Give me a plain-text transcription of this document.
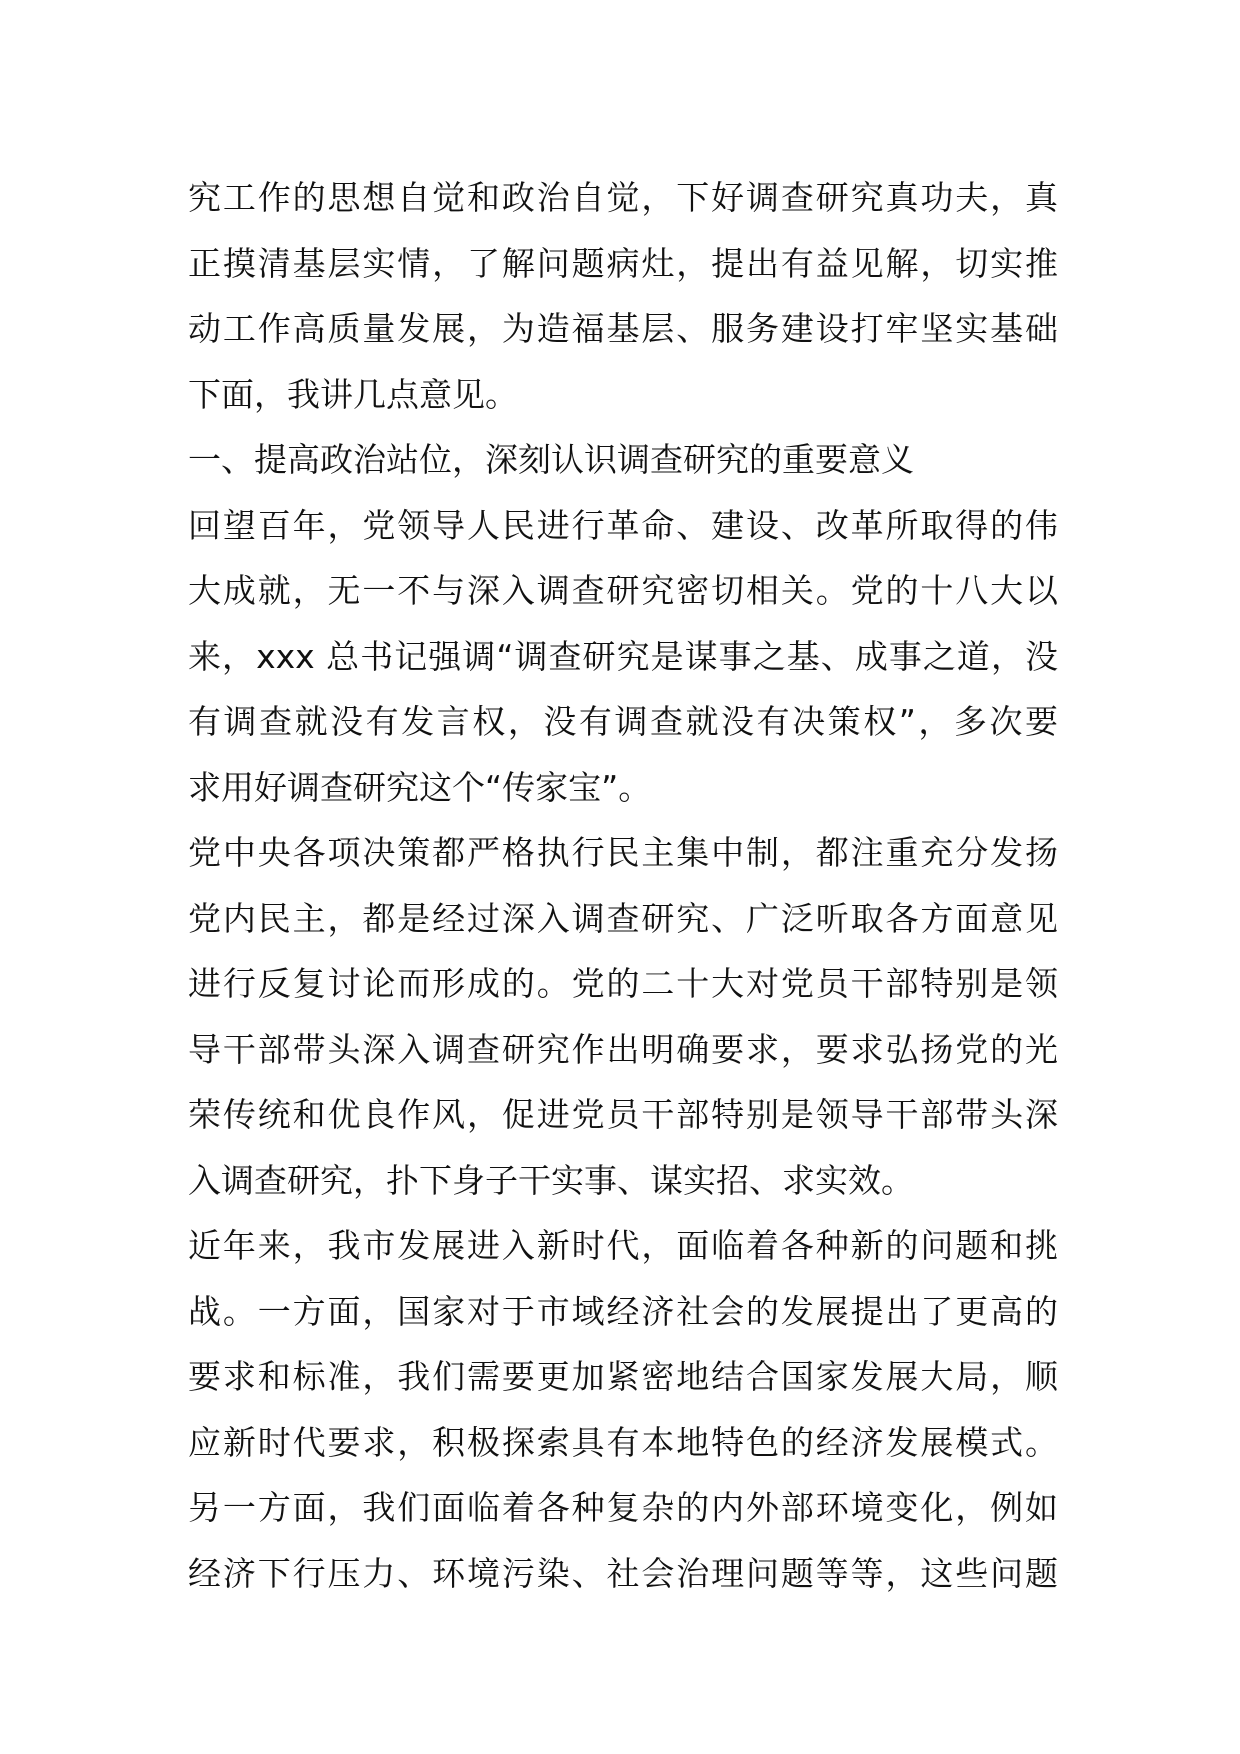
究工作的思想自觉和政治自觉，下好调查研究真功夫，真
正摸清基层实情，了解问题病灶，提出有益见解，切实推
动工作高质量发展，为造福基层、服务建设打牢坚实基础
下面，我讲几点意见。
一、提高政治站位，深刻认识调查研究的重要意义
回望百年，党领导人民进行革命、建设、改革所取得的伟
大成就，无一不与深入调查研究密切相关。党的十八大以
来，xxx 总书记强调“调查研究是谋事之基、成事之道，没
有调查就没有发言权，没有调查就没有决策权”，多次要
求用好调查研究这个“传家宝”。
党中央各项决策都严格执行民主集中制，都注重充分发扬
党内民主，都是经过深入调查研究、广泛听取各方面意见
进行反复讨论而形成的。党的二十大对党员干部特别是领
导干部带头深入调查研究作出明确要求，要求弘扬党的光
荣传统和优良作风，促进党员干部特别是领导干部带头深
入调查研究，扑下身子干实事、谋实招、求实效。
近年来，我市发展进入新时代，面临着各种新的问题和挑
战。一方面，国家对于市域经济社会的发展提出了更高的
要求和标准，我们需要更加紧密地结合国家发展大局，顺
应新时代要求，积极探索具有本地特色的经济发展模式。
另一方面，我们面临着各种复杂的内外部环境变化，例如
经济下行压力、环境污染、社会治理问题等等，这些问题
